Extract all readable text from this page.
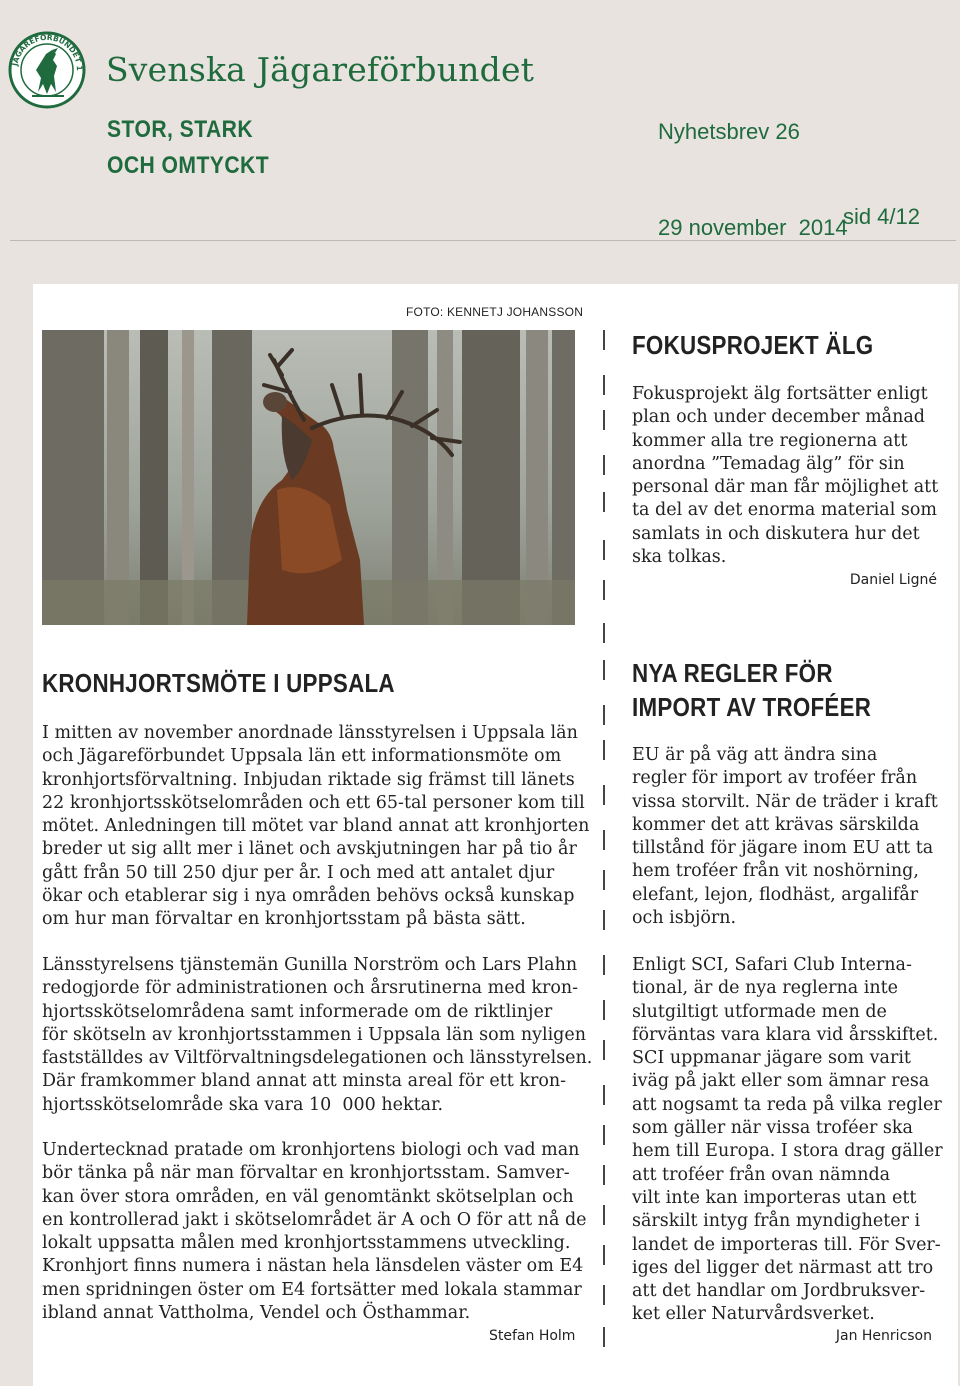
JÄGAREFÖRBUNDET 1 Svenska Jägareförbundet
STOR, STARK
OCH OMTYCKT

Nyhetsbrev 26

29 november  2014

sid 4/12
FOTO: KENNETJ JOHANSSON
FOKUSPROJEKT ÄLG

Fokusprojekt älg fortsätter enligt
plan och under december månad
kommer alla tre regionerna att
anordna ”Temadag älg” för sin
personal där man får möjlighet att
ta del av det enorma material som
samlats in och diskutera hur det
ska tolkas.

Daniel Ligné
KRONHJORTSMÖTE I UPPSALA

I mitten av november anordnade länsstyrelsen i Uppsala län
och Jägareförbundet Uppsala län ett informationsmöte om
kronhjortsförvaltning. Inbjudan riktade sig främst till länets
22 kronhjortsskötselområden och ett 65-tal personer kom till
mötet. Anledningen till mötet var bland annat att kronhjorten
breder ut sig allt mer i länet och avskjutningen har på tio år
gått från 50 till 250 djur per år. I och med att antalet djur
ökar och etablerar sig i nya områden behövs också kunskap
om hur man förvaltar en kronhjortsstam på bästa sätt.

Länsstyrelsens tjänstemän Gunilla Norström och Lars Plahn
redogjorde för administrationen och årsrutinerna med kron-
hjortsskötselområdena samt informerade om de riktlinjer
för skötseln av kronhjortsstammen i Uppsala län som nyligen
fastställdes av Viltförvaltningsdelegationen och länsstyrelsen.
Där framkommer bland annat att minsta areal för ett kron-
hjortsskötselområde ska vara 10  000 hektar.

Undertecknad pratade om kronhjortens biologi och vad man
bör tänka på när man förvaltar en kronhjortsstam. Samver-
kan över stora områden, en väl genomtänkt skötselplan och
en kontrollerad jakt i skötselområdet är A och O för att nå de
lokalt uppsatta målen med kronhjortsstammens utveckling.
Kronhjort finns numera i nästan hela länsdelen väster om E4
men spridningen öster om E4 fortsätter med lokala stammar
ibland annat Vattholma, Vendel och Östhammar.

Stefan Holm
NYA REGLER FÖR
IMPORT AV TROFÉER

EU är på väg att ändra sina
regler för import av troféer från
vissa storvilt. När de träder i kraft
kommer det att krävas särskilda
tillstånd för jägare inom EU att ta
hem troféer från vit noshörning,
elefant, lejon, flodhäst, argalifår
och isbjörn.

Enligt SCI, Safari Club Interna-
tional, är de nya reglerna inte
slutgiltigt utformade men de
förväntas vara klara vid årsskiftet.
SCI uppmanar jägare som varit
iväg på jakt eller som ämnar resa
att nogsamt ta reda på vilka regler
som gäller när vissa troféer ska
hem till Europa. I stora drag gäller
att troféer från ovan nämnda
vilt inte kan importeras utan ett
särskilt intyg från myndigheter i
landet de importeras till. För Sver-
iges del ligger det närmast att tro
att det handlar om Jordbruksver-
ket eller Naturvårdsverket.

Jan Henricson
